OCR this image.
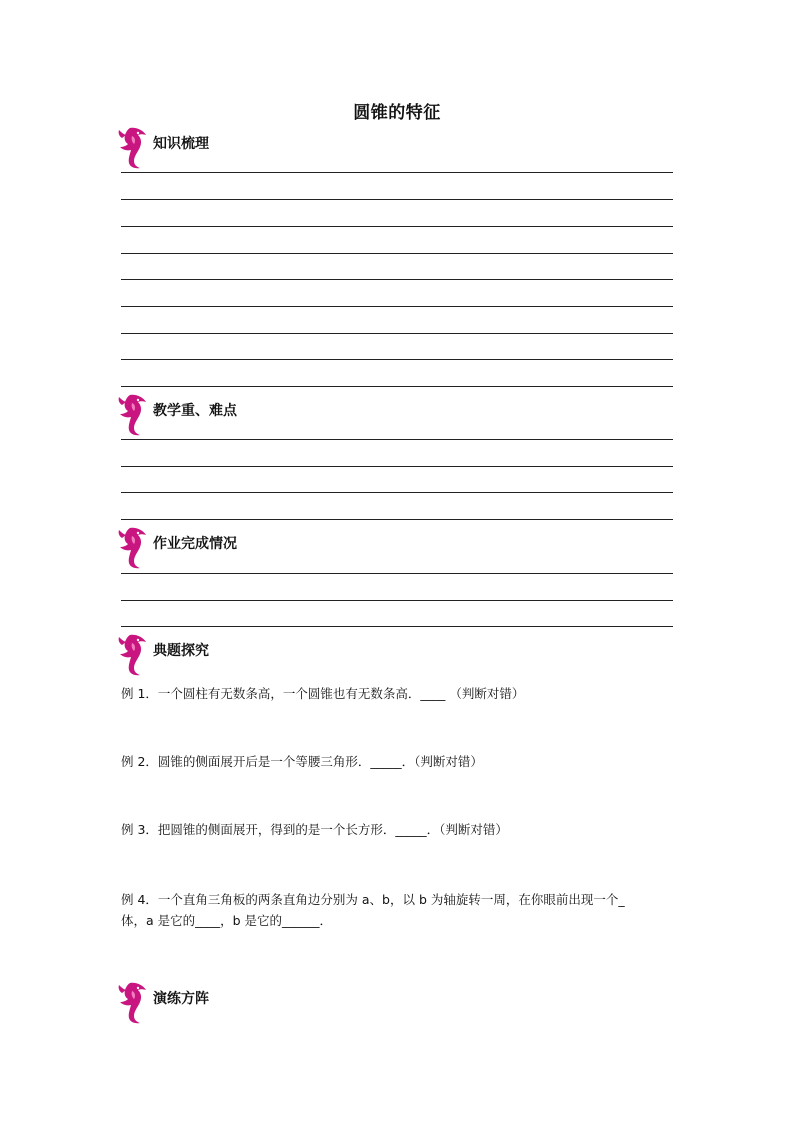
圆锥的特征
知识梳理
教学重、难点
作业完成情况
典题探究
例 1．一个圆柱有无数条高，一个圆锥也有无数条高．____ （判断对错）
例 2．圆锥的侧面展开后是一个等腰三角形．_____．（判断对错）
例 3．把圆锥的侧面展开，得到的是一个长方形．_____．（判断对错）
例 4．一个直角三角板的两条直角边分别为 a、b，以 b 为轴旋转一周，在你眼前出现一个_
体，a 是它的____，b 是它的______．
演练方阵
